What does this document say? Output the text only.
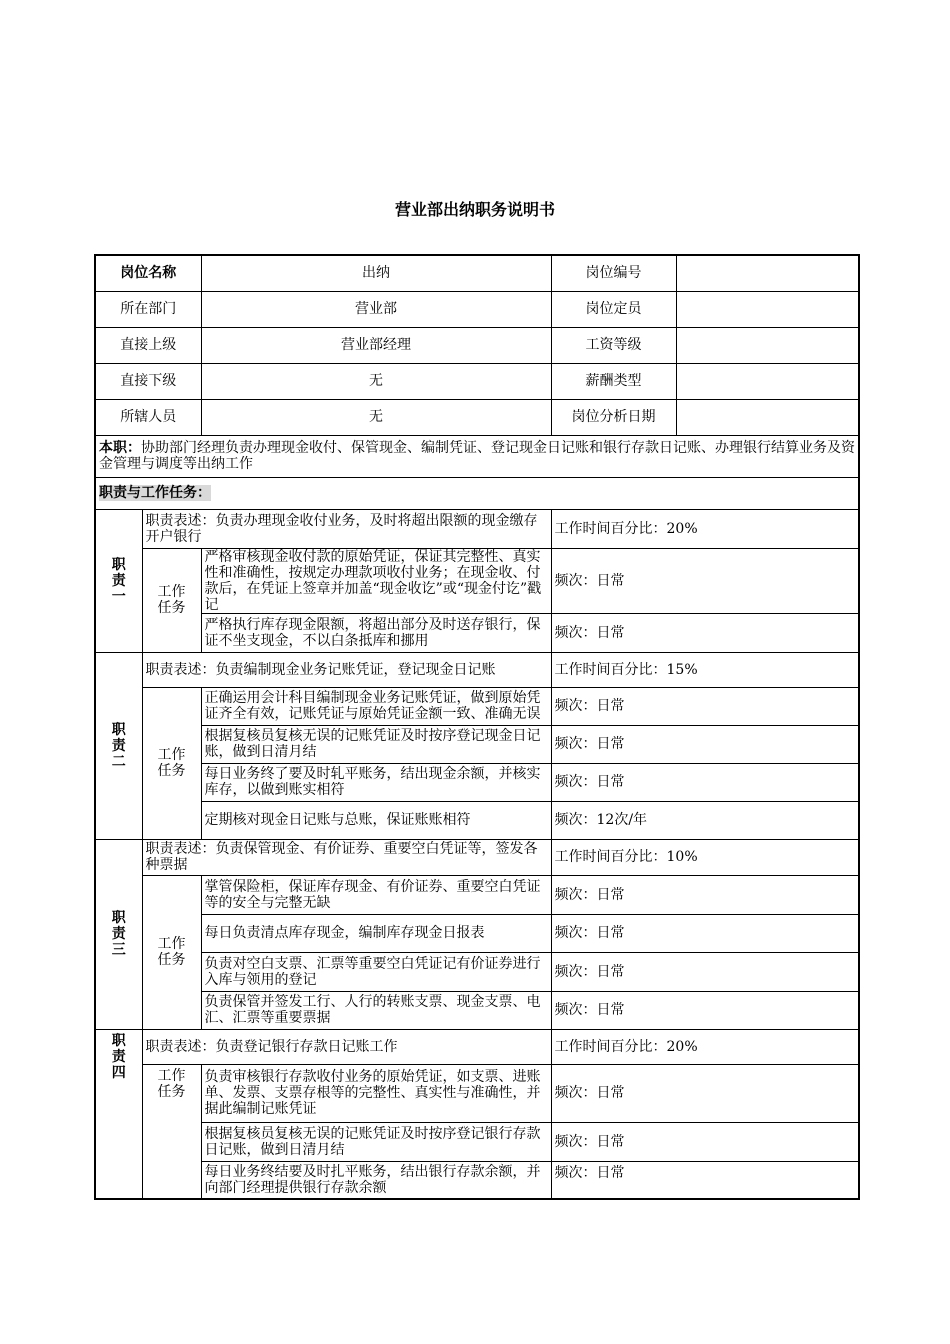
营业部出纳职务说明书
岗位名称		出纳	岗位编号	
所在部门		营业部	岗位定员	
直接上级		营业部经理	工资等级	
直接下级		无	薪酬类型	
所辖人员		无	岗位分析日期	
本职：协助部门经理负责办理现金收付、保管现金、编制凭证、登记现金日记账和银行存款日记账、办理银行结算业务及资金管理与调度等出纳工作				
职责与工作任务：				

职
责
一	职责表述：负责办理现金收付业务，及时将超出限额的现金缴存开户银行		工作时间百分比：20%	

	工作
任务	严格审核现金收付款的原始凭证，保证其完整性、真实性和准确性，按规定办理款项收付业务；在现金收、付款后，在凭证上签章并加盖“现金收讫”或“现金付讫”戳记	频次：日常	
		严格执行库存现金限额，将超出部分及时送存银行，保证不坐支现金，不以白条抵库和挪用	频次：日常	

职
责
二	职责表述：负责编制现金业务记账凭证，登记现金日记账		工作时间百分比：15%	

	工作
任务	正确运用会计科目编制现金业务记账凭证，做到原始凭证齐全有效，记账凭证与原始凭证金额一致、准确无误	频次：日常	
		根据复核员复核无误的记账凭证及时按序登记现金日记账，做到日清月结	频次：日常	
		每日业务终了要及时轧平账务，结出现金余额，并核实库存，以做到账实相符	频次：日常	
		定期核对现金日记账与总账，保证账账相符	频次：12次/年	

职
责
三	职责表述：负责保管现金、有价证券、重要空白凭证等，签发各种票据		工作时间百分比：10%	

	工作
任务	掌管保险柜，保证库存现金、有价证券、重要空白凭证等的安全与完整无缺	频次：日常	
		每日负责清点库存现金，编制库存现金日报表	频次：日常	
		负责对空白支票、汇票等重要空白凭证记有价证券进行入库与领用的登记	频次：日常	
		负责保管并签发工行、人行的转账支票、现金支票、电汇、汇票等重要票据	频次：日常	

职
责
四	职责表述：负责登记银行存款日记账工作		工作时间百分比：20%	

	工作
任务	负责审核银行存款收付业务的原始凭证，如支票、进账单、发票、支票存根等的完整性、真实性与准确性，并据此编制记账凭证	频次：日常	
		根据复核员复核无误的记账凭证及时按序登记银行存款日记账，做到日清月结	频次：日常	
		每日业务终结要及时扎平账务，结出银行存款余额，并向部门经理提供银行存款余额	频次：日常	
